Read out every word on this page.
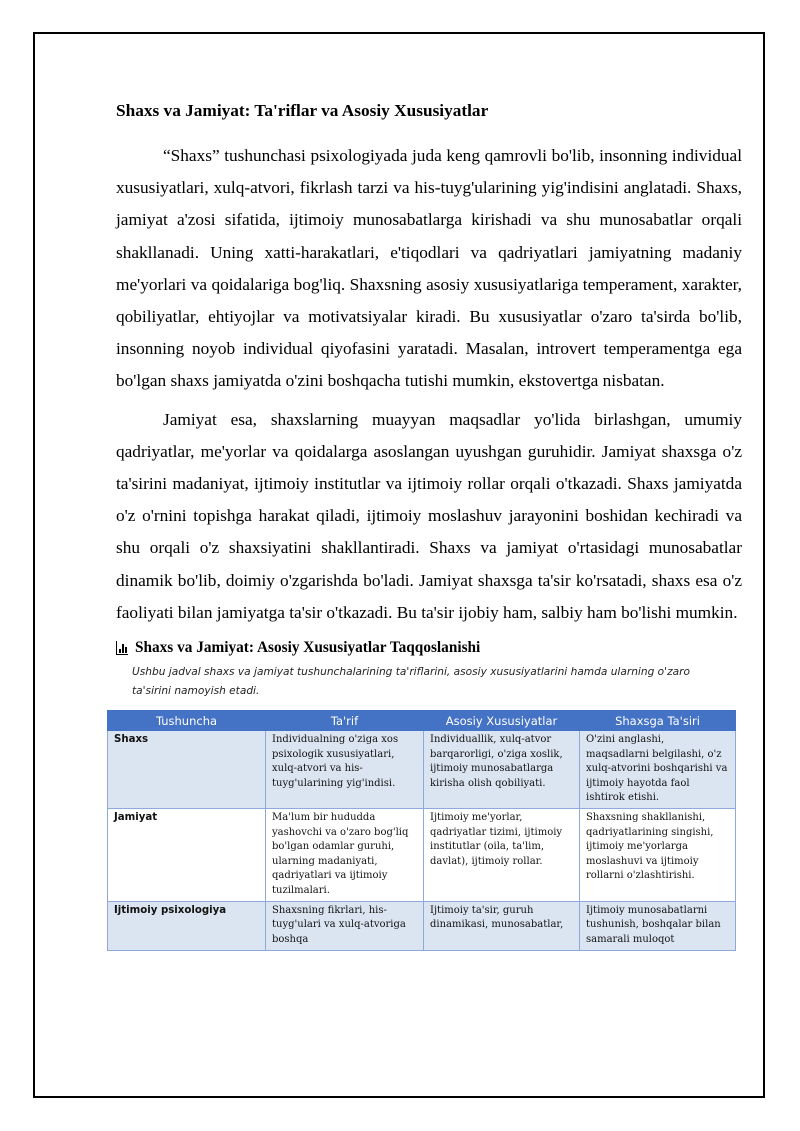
Shaxs va Jamiyat: Ta'riflar va Asosiy Xususiyatlar

“Shaxs” tushunchasi psixologiyada juda keng qamrovli bo'lib, insonning individual xususiyatlari, xulq-atvori, fikrlash tarzi va his-tuyg'ularining yig'indisini anglatadi. Shaxs, jamiyat a'zosi sifatida, ijtimoiy munosabatlarga kirishadi va shu munosabatlar orqali shakllanadi. Uning xatti-harakatlari, e'tiqodlari va qadriyatlari jamiyatning madaniy me'yorlari va qoidalariga bog'liq. Shaxsning asosiy xususiyatlariga temperament, xarakter, qobiliyatlar, ehtiyojlar va motivatsiyalar kiradi. Bu xususiyatlar o'zaro ta'sirda bo'lib, insonning noyob individual qiyofasini yaratadi. Masalan, introvert temperamentga ega bo'lgan shaxs jamiyatda o'zini boshqacha tutishi mumkin, ekstovertga nisbatan.

Jamiyat esa, shaxslarning muayyan maqsadlar yo'lida birlashgan, umumiy qadriyatlar, me'yorlar va qoidalarga asoslangan uyushgan guruhidir. Jamiyat shaxsga o'z ta'sirini madaniyat, ijtimoiy institutlar va ijtimoiy rollar orqali o'tkazadi. Shaxs jamiyatda o'z o'rnini topishga harakat qiladi, ijtimoiy moslashuv jarayonini boshidan kechiradi va shu orqali o'z shaxsiyatini shakllantiradi. Shaxs va jamiyat o'rtasidagi munosabatlar dinamik bo'lib, doimiy o'zgarishda bo'ladi. Jamiyat shaxsga ta'sir ko'rsatadi, shaxs esa o'z faoliyati bilan jamiyatga ta'sir o'tkazadi. Bu ta'sir ijobiy ham, salbiy ham bo'lishi mumkin.

Shaxs va Jamiyat: Asosiy Xususiyatlar Taqqoslanishi
Ushbu jadval shaxs va jamiyat tushunchalarining ta'riflarini, asosiy xususiyatlarini hamda ularning o'zaro ta'sirini namoyish etadi.
Tushuncha	Ta'rif	Asosiy Xususiyatlar	Shaxsga Ta'siri
Shaxs	Individualning o'ziga xos psixologik xususiyatlari, xulq-atvori va his-tuyg'ularining yig'indisi.	Individuallik, xulq-atvor barqarorligi, o'ziga xoslik, ijtimoiy munosabatlarga kirisha olish qobiliyati.	O'zini anglashi, maqsadlarni belgilashi, o'z xulq-atvorini boshqarishi va ijtimoiy hayotda faol ishtirok etishi.
Jamiyat	Ma'lum bir hududda yashovchi va o'zaro bog'liq bo'lgan odamlar guruhi, ularning madaniyati, qadriyatlari va ijtimoiy tuzilmalari.	Ijtimoiy me'yorlar, qadriyatlar tizimi, ijtimoiy institutlar (oila, ta'lim, davlat), ijtimoiy rollar.	Shaxsning shakllanishi, qadriyatlarining singishi, ijtimoiy me'yorlarga moslashuvi va ijtimoiy rollarni o'zlashtirishi.

Ijtimoiy psixologiya	Shaxsning fikrlari, his-tuyg'ulari va xulq-atvoriga boshqa	Ijtimoiy ta'sir, guruh dinamikasi, munosabatlar,	Ijtimoiy munosabatlarni tushunish, boshqalar bilan samarali muloqot
